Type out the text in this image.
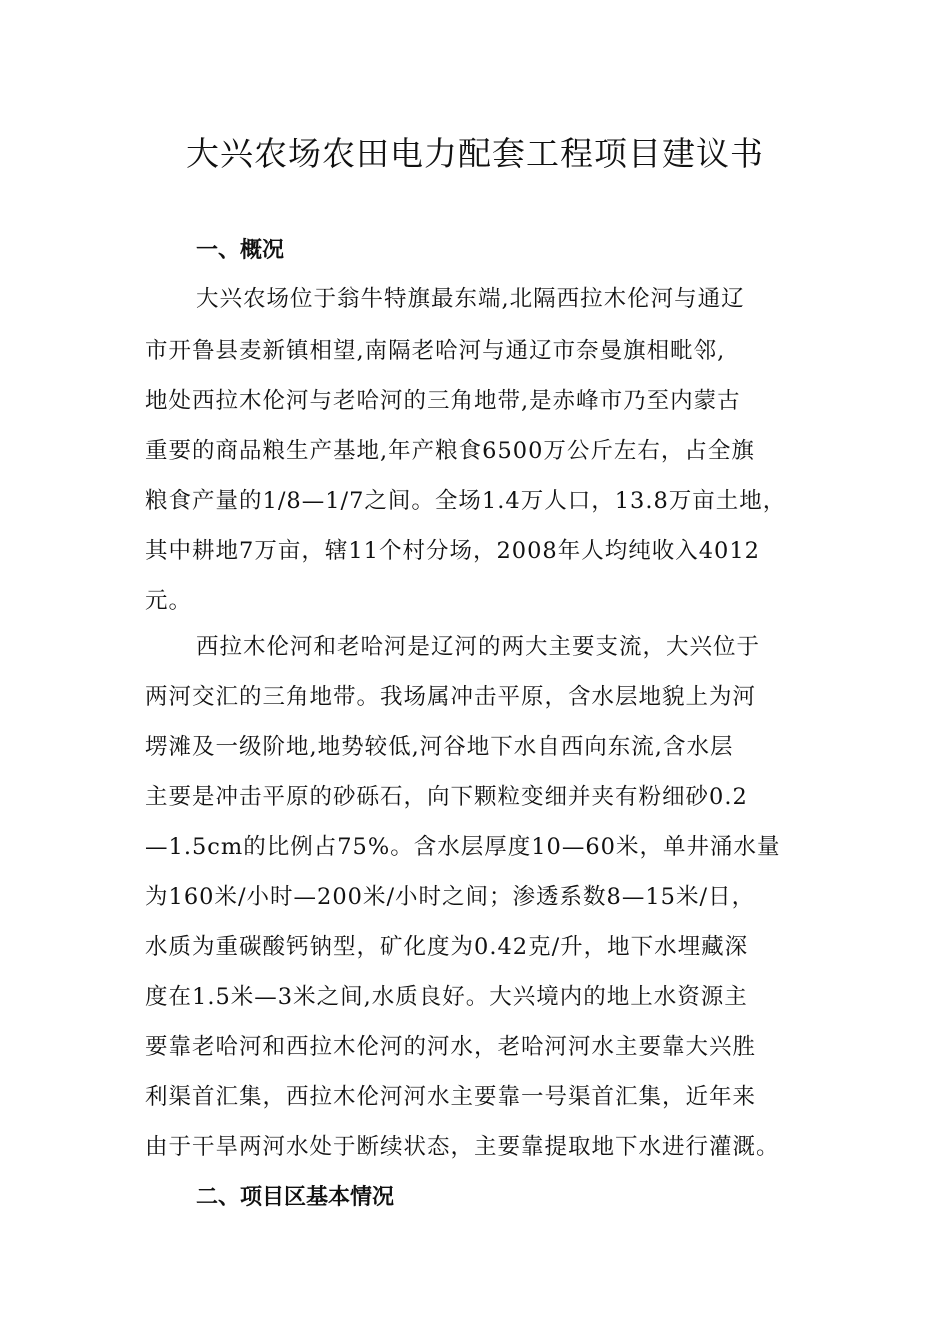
大兴农场农田电力配套工程项目建议书
一、概况
大兴农场位于翁牛特旗最东端,北隔西拉木伦河与通辽
市开鲁县麦新镇相望,南隔老哈河与通辽市奈曼旗相毗邻,
地处西拉木伦河与老哈河的三角地带,是赤峰市乃至内蒙古
重要的商品粮生产基地,年产粮食6500万公斤左右，占全旗
粮食产量的1/8—1/7之间。全场1.4万人口，13.8万亩土地，
其中耕地7万亩，辖11个村分场，2008年人均纯收入4012
元。
西拉木伦河和老哈河是辽河的两大主要支流，大兴位于
两河交汇的三角地带。我场属冲击平原，含水层地貌上为河
塄滩及一级阶地,地势较低,河谷地下水自西向东流,含水层
主要是冲击平原的砂砾石，向下颗粒变细并夹有粉细砂0.2
—1.5cm的比例占75%。含水层厚度10—60米，单井涌水量
为160米/小时—200米/小时之间；渗透系数8—15米/日，
水质为重碳酸钙钠型，矿化度为0.42克/升，地下水埋藏深
度在1.5米—3米之间,水质良好。大兴境内的地上水资源主
要靠老哈河和西拉木伦河的河水，老哈河河水主要靠大兴胜
利渠首汇集，西拉木伦河河水主要靠一号渠首汇集，近年来
由于干旱两河水处于断续状态，主要靠提取地下水进行灌溉。
二、项目区基本情况
